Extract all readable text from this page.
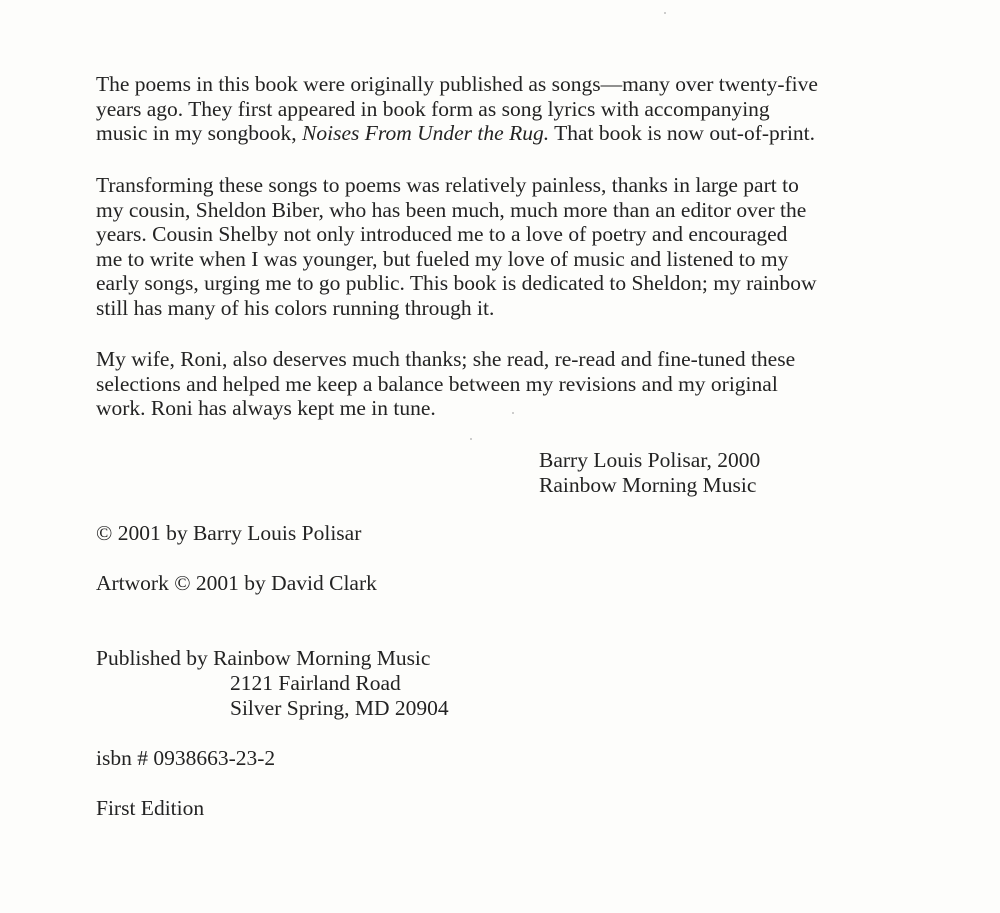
The poems in this book were originally published as songs—many over twenty-five
years ago. They first appeared in book form as song lyrics with accompanying
music in my songbook, Noises From Under the Rug. That book is now out-of-print.

Transforming these songs to poems was relatively painless, thanks in large part to
my cousin, Sheldon Biber, who has been much, much more than an editor over the
years. Cousin Shelby not only introduced me to a love of poetry and encouraged
me to write when I was younger, but fueled my love of music and listened to my
early songs, urging me to go public. This book is dedicated to Sheldon; my rainbow
still has many of his colors running through it.

My wife, Roni, also deserves much thanks; she read, re-read and fine-tuned these
selections and helped me keep a balance between my revisions and my original
work. Roni has always kept me in tune.

Barry Louis Polisar, 2000
Rainbow Morning Music
© 2001 by Barry Louis Polisar
Artwork © 2001 by David Clark
Published by Rainbow Morning Music
2121 Fairland Road
Silver Spring, MD 20904
isbn # 0938663-23-2
First Edition
